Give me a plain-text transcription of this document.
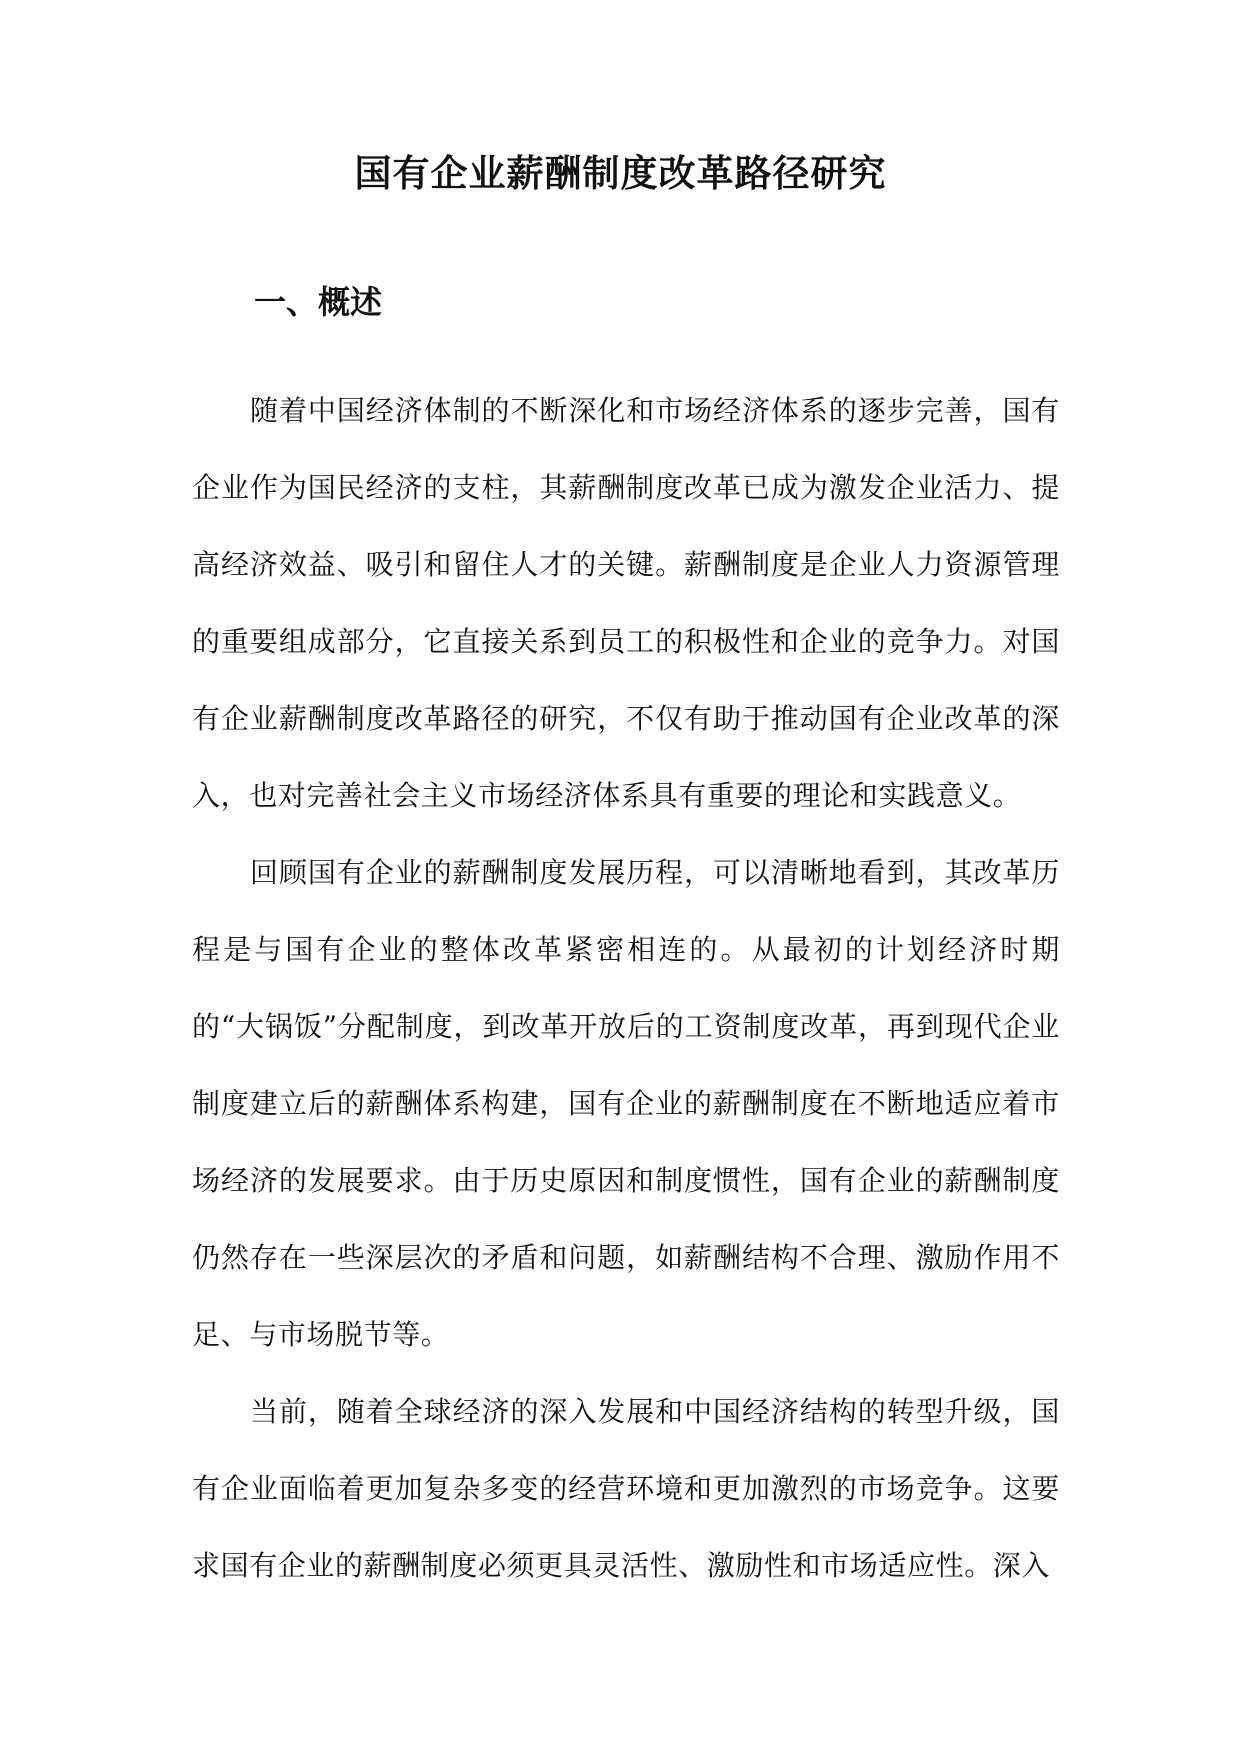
国有企业薪酬制度改革路径研究
一、概述

随着中国经济体制的不断深化和市场经济体系的逐步完善，国有企业作为国民经济的支柱，其薪酬制度改革已成为激发企业活力、提高经济效益、吸引和留住人才的关键。薪酬制度是企业人力资源管理的重要组成部分，它直接关系到员工的积极性和企业的竞争力。对国有企业薪酬制度改革路径的研究，不仅有助于推动国有企业改革的深入，也对完善社会主义市场经济体系具有重要的理论和实践意义。

回顾国有企业的薪酬制度发展历程，可以清晰地看到，其改革历程是与国有企业的整体改革紧密相连的。从最初的计划经济时期的“大锅饭”分配制度，到改革开放后的工资制度改革，再到现代企业制度建立后的薪酬体系构建，国有企业的薪酬制度在不断地适应着市场经济的发展要求。由于历史原因和制度惯性，国有企业的薪酬制度仍然存在一些深层次的矛盾和问题，如薪酬结构不合理、激励作用不足、与市场脱节等。

当前，随着全球经济的深入发展和中国经济结构的转型升级，国有企业面临着更加复杂多变的经营环境和更加激烈的市场竞争。这要求国有企业的薪酬制度必须更具灵活性、激励性和市场适应性。深入
